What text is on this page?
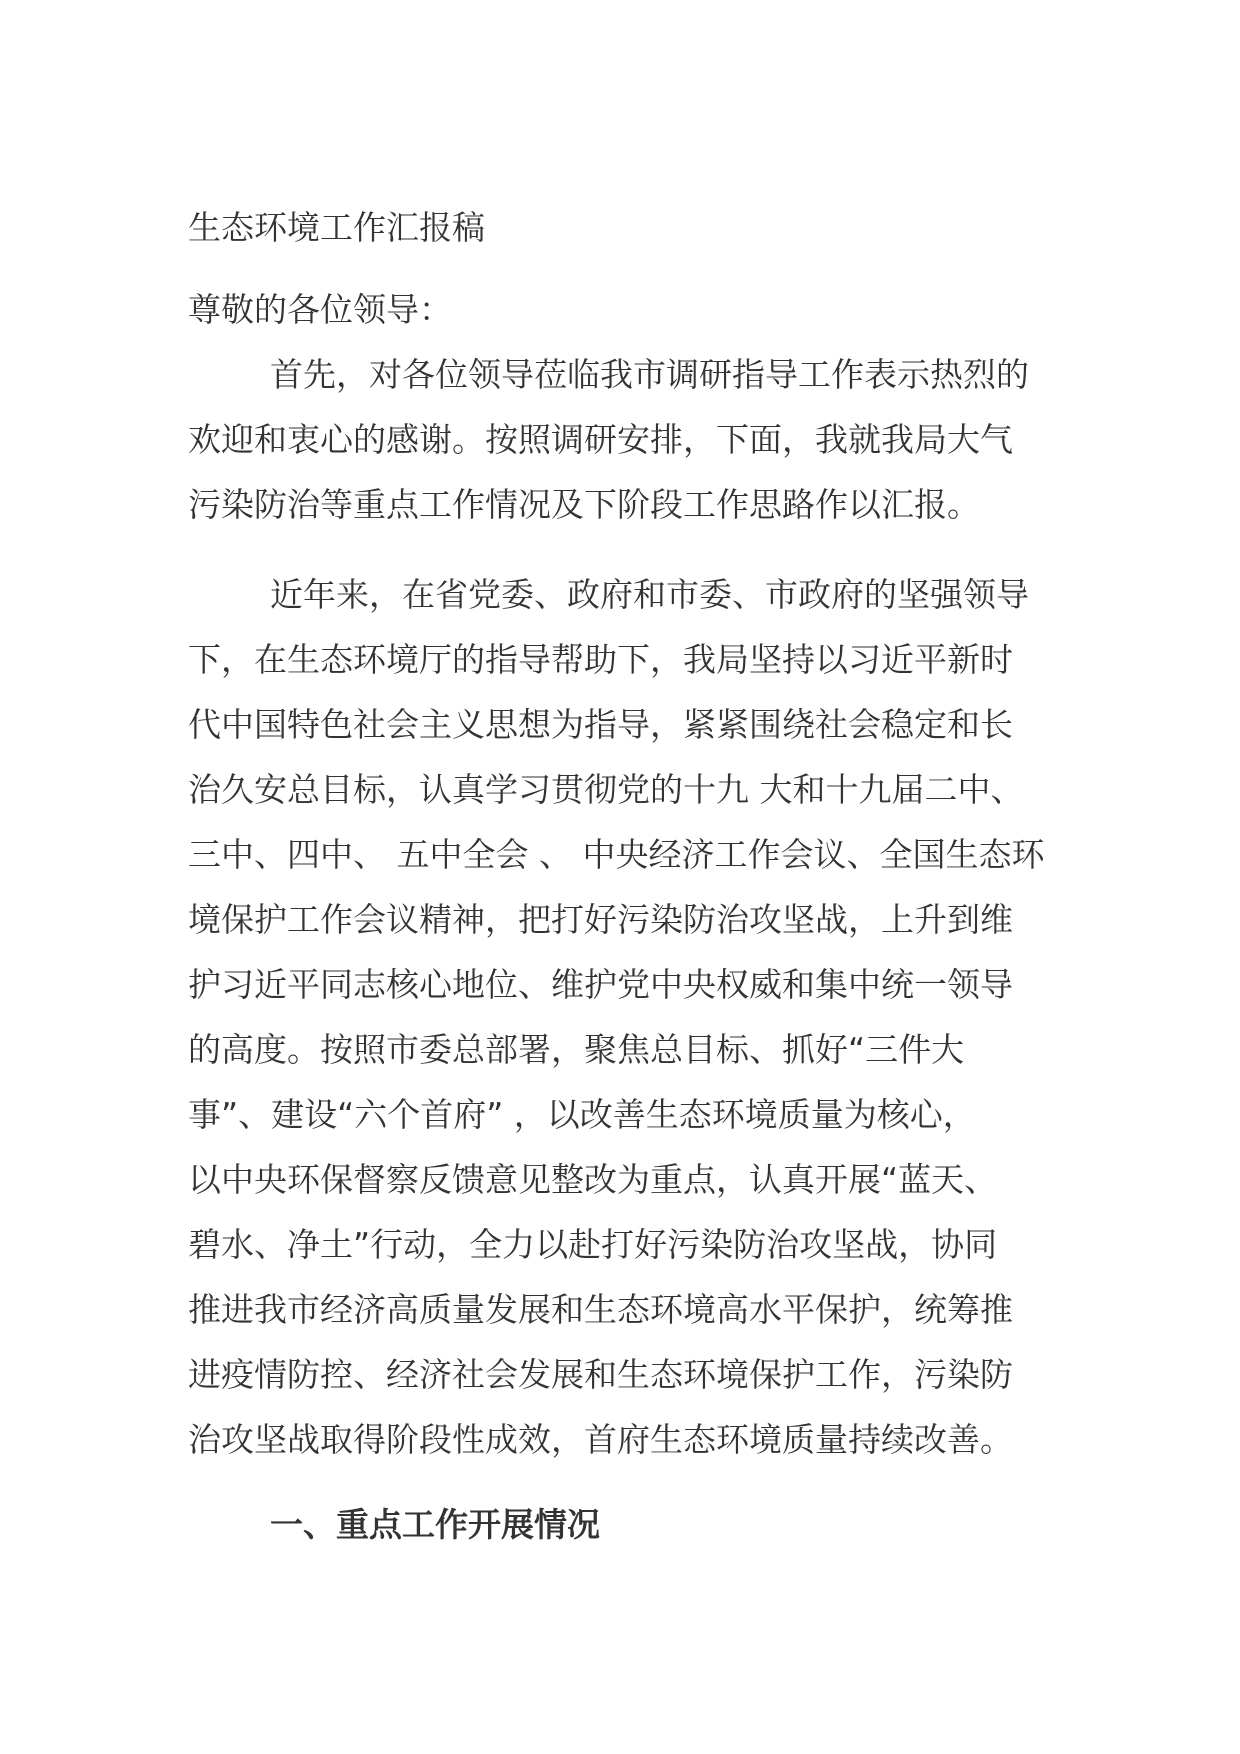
生态环境工作汇报稿
尊敬的各位领导：
首先，对各位领导莅临我市调研指导工作表示热烈的
欢迎和衷心的感谢。按照调研安排，下面，我就我局大气
污染防治等重点工作情况及下阶段工作思路作以汇报。
近年来，在省党委、政府和市委、市政府的坚强领导
下，在生态环境厅的指导帮助下，我局坚持以习近平新时
代中国特色社会主义思想为指导，紧紧围绕社会稳定和长
治久安总目标，认真学习贯彻党的十九 大和十九届二中、
三中、四中、 五中全会 、 中央经济工作会议、全国生态环
境保护工作会议精神，把打好污染防治攻坚战，上升到维
护习近平同志核心地位、维护党中央权威和集中统一领导
的高度。按照市委总部署，聚焦总目标、抓好“三件大
事”、建设“六个首府” ，以改善生态环境质量为核心，
以中央环保督察反馈意见整改为重点，认真开展“蓝天、
碧水、净土”行动，全力以赴打好污染防治攻坚战，协同
推进我市经济高质量发展和生态环境高水平保护，统筹推
进疫情防控、经济社会发展和生态环境保护工作，污染防
治攻坚战取得阶段性成效，首府生态环境质量持续改善。
一、重点工作开展情况
